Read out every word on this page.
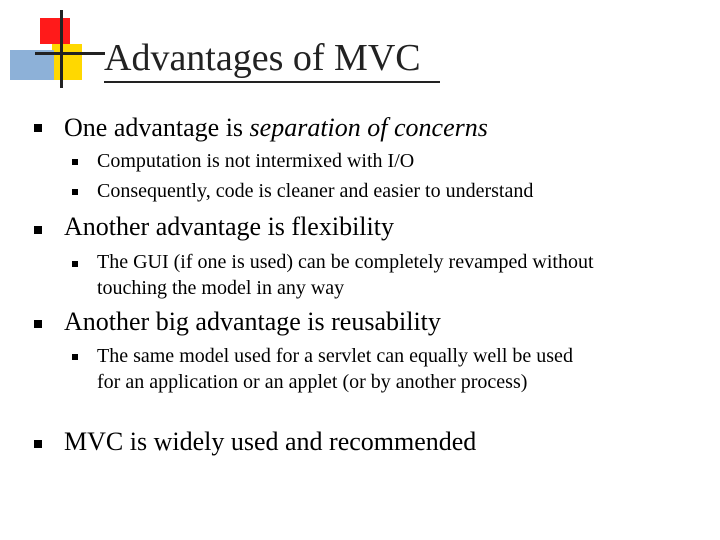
Advantages of MVC
One advantage is separation of concerns
Computation is not intermixed with I/O
Consequently, code is cleaner and easier to understand
Another advantage is flexibility
The GUI (if one is used) can be completely revamped without
touching the model in any way
Another big advantage is reusability
The same model used for a servlet can equally well be used
for an application or an applet (or by another process)
MVC is widely used and recommended
